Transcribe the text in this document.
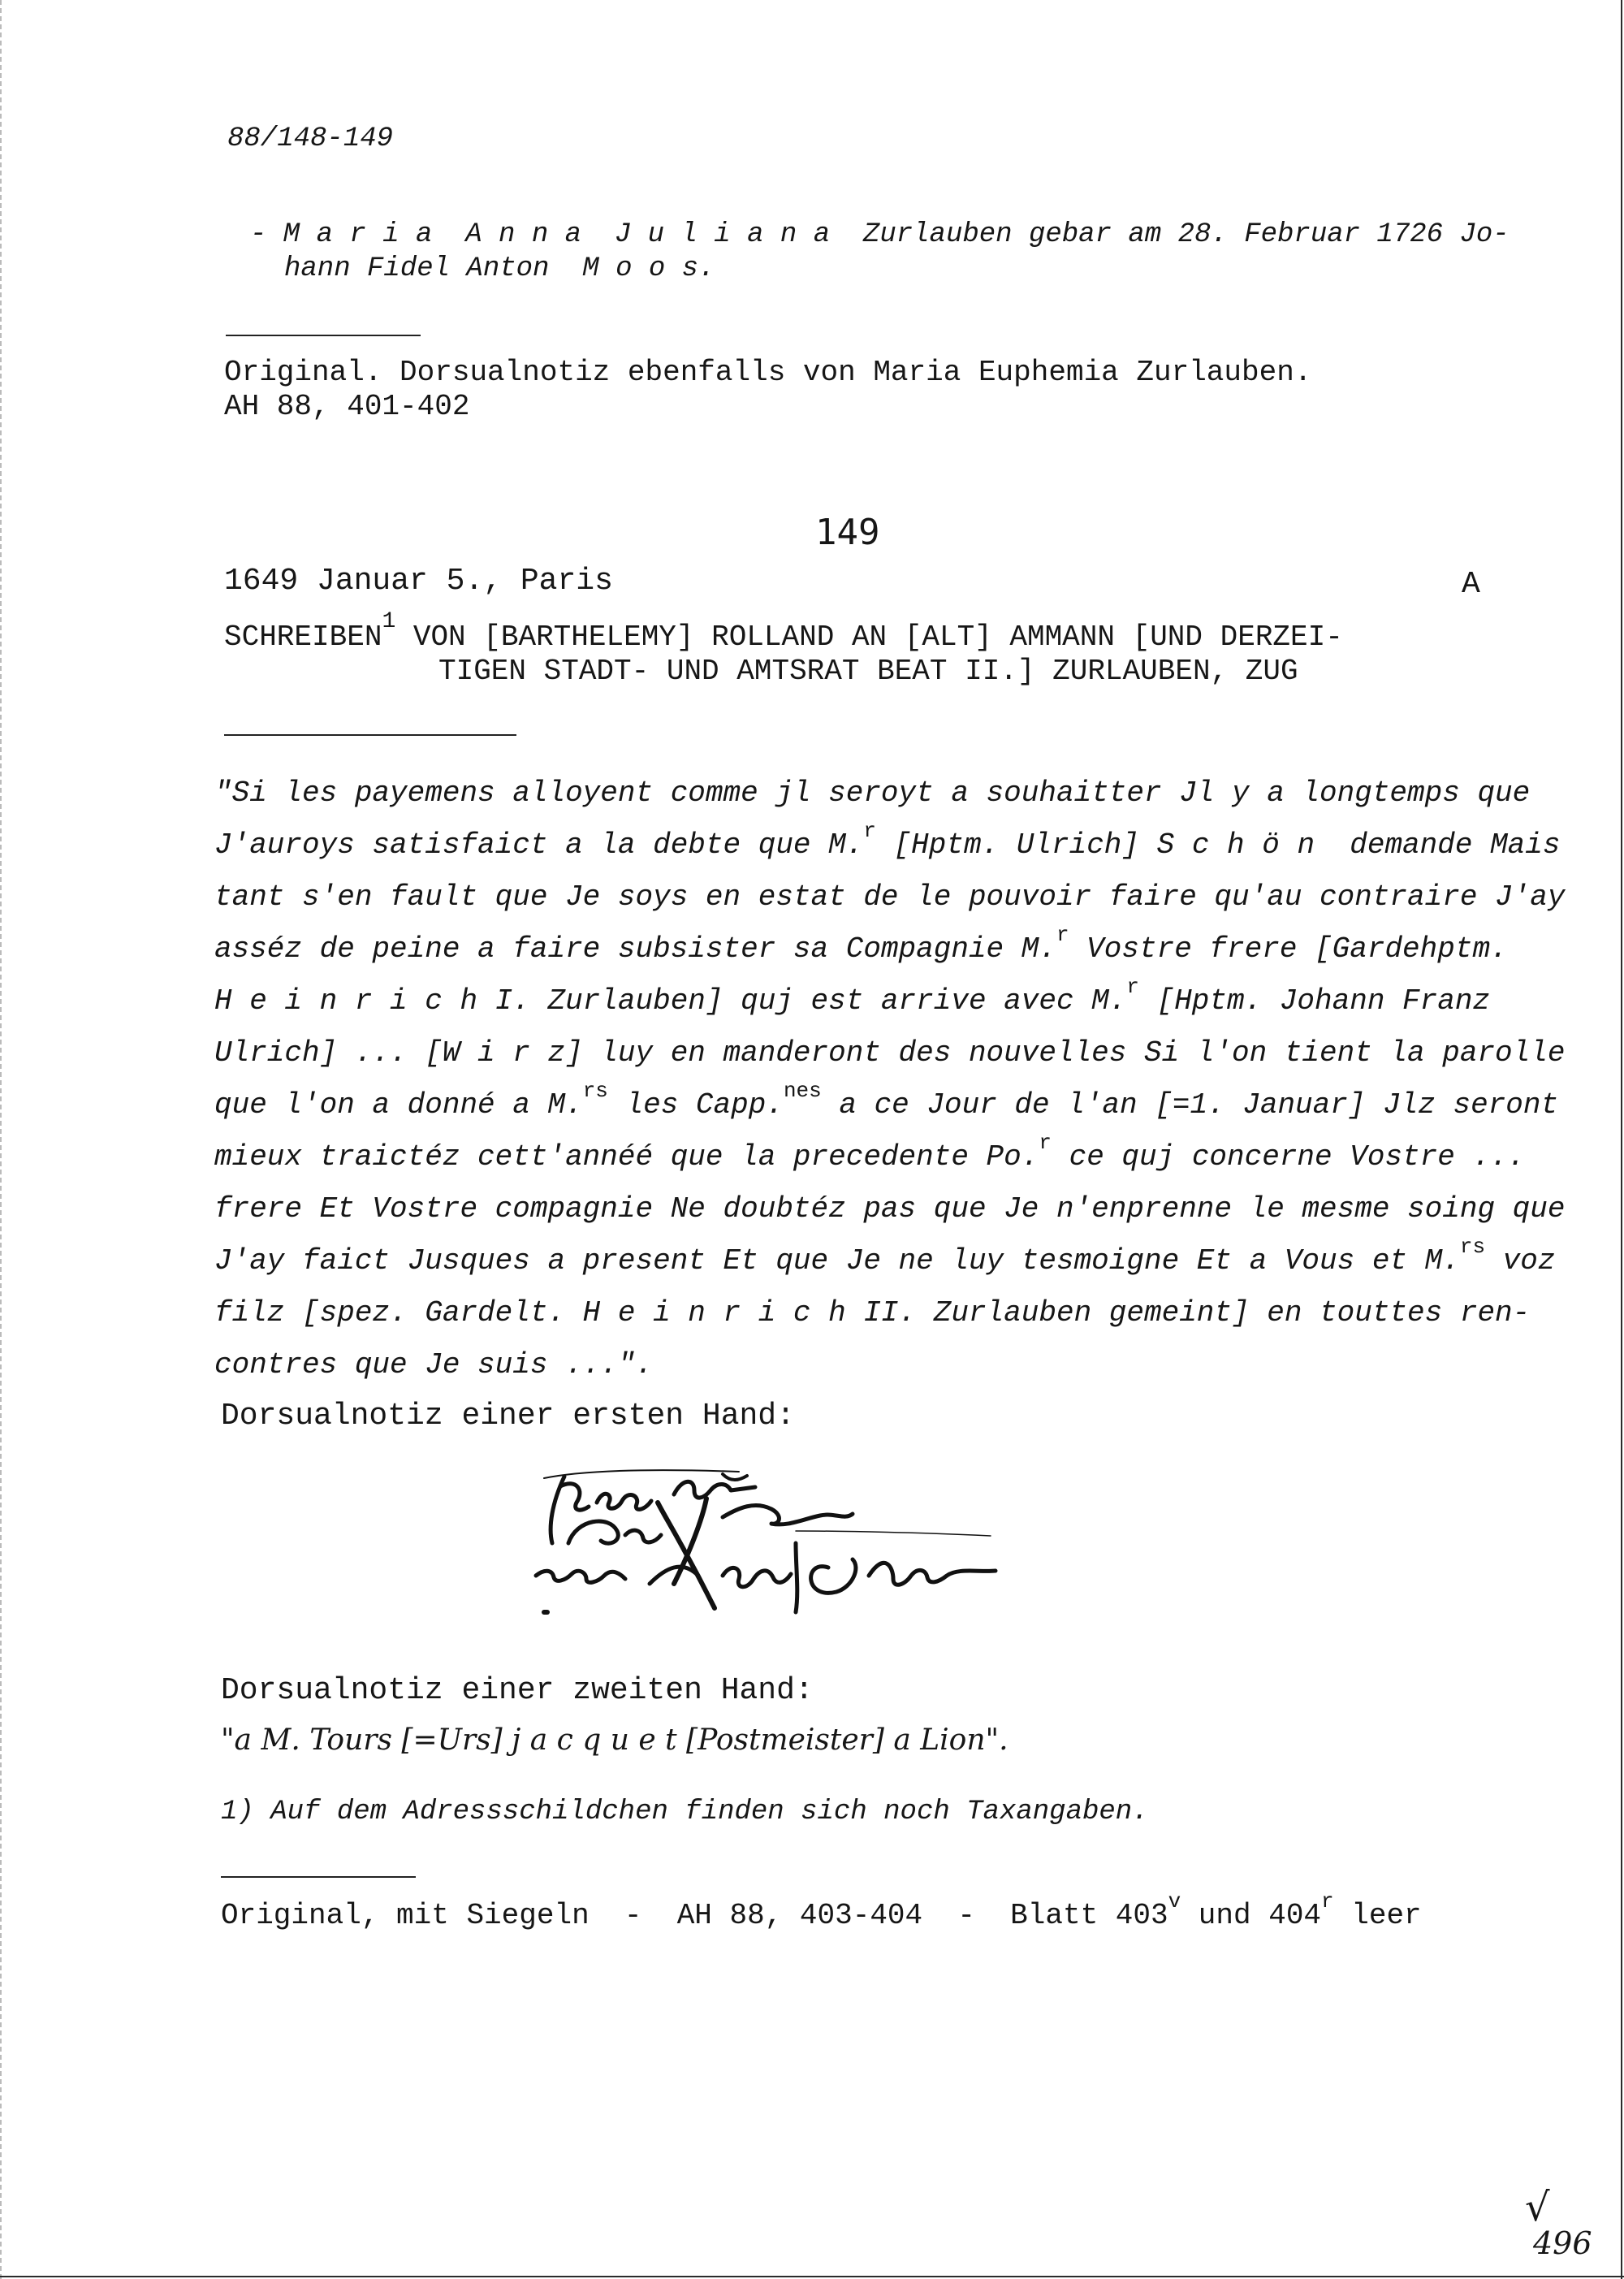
88/148-149
- M a r i a  A n n a  J u l i a n a  Zurlauben gebar am 28. Februar 1726 Jo-
hann Fidel Anton  M o o s.
Original. Dorsualnotiz ebenfalls von Maria Euphemia Zurlauben.
AH 88, 401-402
149
1649 Januar 5., Paris	A
SCHREIBEN$^1$ VON [BARTHELEMY] ROLLAND AN [ALT] AMMANN [UND DERZEI-
TIGEN STADT- UND AMTSRAT BEAT II.] ZURLAUBEN, ZUG
"Si les payemens alloyent comme jl seroyt a souhaitter Jl y a longtemps que
J'auroys satisfaict a la debte que M.$^r$ [Hptm. Ulrich] S c h ö n  demande Mais
tant s'en fault que Je soys en estat de le pouvoir faire qu'au contraire J'ay
asséz de peine a faire subsister sa Compagnie M.$^r$ Vostre frere [Gardehptm.
H e i n r i c h I. Zurlauben] quj est arrive avec M.$^r$ [Hptm. Johann Franz
Ulrich] ... [W i r z] luy en manderont des nouvelles Si l'on tient la parolle
que l'on a donné a M.$^{rs}$ les Capp.$^{nes}$ a ce Jour de l'an [=1. Januar] Jlz seront
mieux traictéz cett'annéé que la precedente Po.$^r$ ce quj concerne Vostre ...
frere Et Vostre compagnie Ne doubtéz pas que Je n'enprenne le mesme soing que
J'ay faict Jusques a present Et que Je ne luy tesmoigne Et a Vous et M.$^{rs}$ voz
filz [spez. Gardelt. H e i n r i c h II. Zurlauben gemeint] en touttes ren-
contres que Je suis ...".
Dorsualnotiz einer ersten Hand:
Dorsualnotiz einer zweiten Hand:
"a M. Tours [=Urs] j a c q u e t [Postmeister] a Lion".
1) Auf dem Adressschildchen finden sich noch Taxangaben.
Original, mit Siegeln  -  AH 88, 403-404  -  Blatt 403$^v$ und 404$^r$ leer
√
496
